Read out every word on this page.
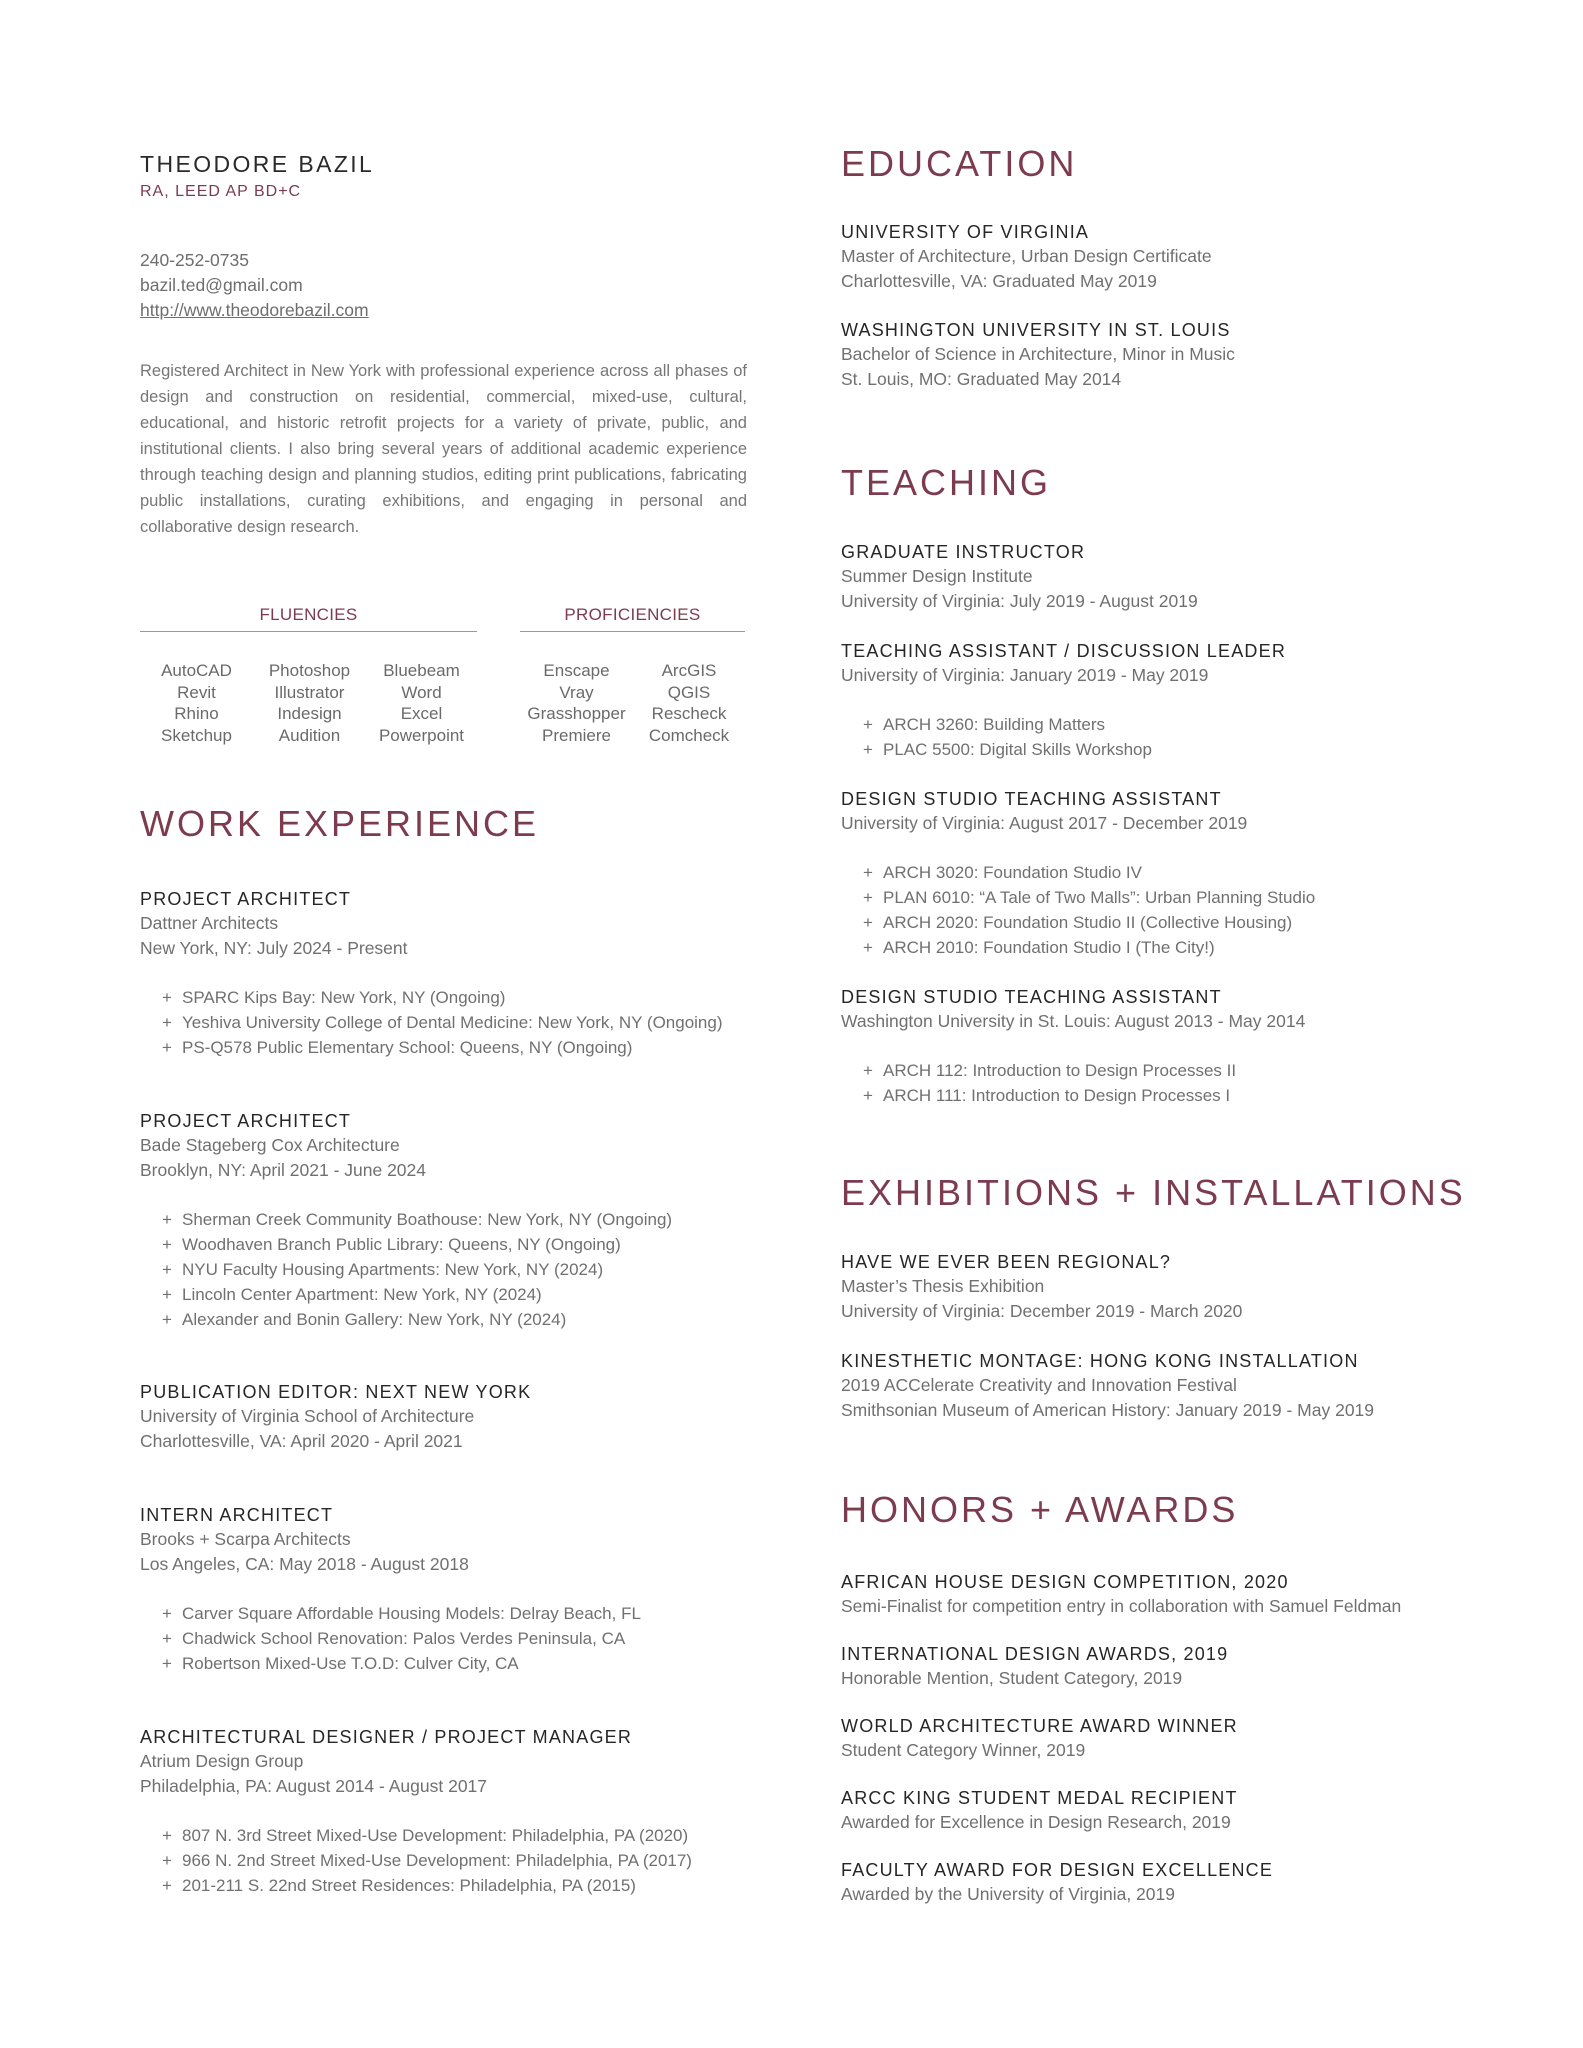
THEODORE BAZIL
RA, LEED AP BD+C
240-252-0735
bazil.ted@gmail.com
http://www.theodorebazil.com

Registered Architect in New York with professional experience across all phases of design and construction on residential, commercial, mixed-use, cultural, educational, and historic retrofit projects for a variety of private, public, and institutional clients. I also bring several years of additional academic experience through teaching design and planning studios, editing print publications, fabricating public installations, curating exhibitions, and engaging in personal and collaborative design research.

FLUENCIES
AutoCAD
Revit
Rhino
Sketchup
Photoshop
Illustrator
Indesign
Audition
Bluebeam
Word
Excel
Powerpoint
PROFICIENCIES
Enscape
Vray
Grasshopper
Premiere
ArcGIS
QGIS
Rescheck
Comcheck
WORK EXPERIENCE
PROJECT ARCHITECT
Dattner Architects
New York, NY: July 2024 - Present
+ SPARC Kips Bay: New York, NY (Ongoing)
+ Yeshiva University College of Dental Medicine: New York, NY (Ongoing)
+ PS-Q578 Public Elementary School: Queens, NY (Ongoing)
PROJECT ARCHITECT
Bade Stageberg Cox Architecture
Brooklyn, NY: April 2021 - June 2024
+ Sherman Creek Community Boathouse: New York, NY (Ongoing)
+ Woodhaven Branch Public Library: Queens, NY (Ongoing)
+ NYU Faculty Housing Apartments: New York, NY (2024)
+ Lincoln Center Apartment: New York, NY (2024)
+ Alexander and Bonin Gallery: New York, NY (2024)
PUBLICATION EDITOR: NEXT NEW YORK
University of Virginia School of Architecture
Charlottesville, VA: April 2020 - April 2021
INTERN ARCHITECT
Brooks + Scarpa Architects
Los Angeles, CA: May 2018 - August 2018
+ Carver Square Affordable Housing Models: Delray Beach, FL
+ Chadwick School Renovation: Palos Verdes Peninsula, CA
+ Robertson Mixed-Use T.O.D: Culver City, CA
ARCHITECTURAL DESIGNER / PROJECT MANAGER
Atrium Design Group
Philadelphia, PA: August 2014 - August 2017
+ 807 N. 3rd Street Mixed-Use Development: Philadelphia, PA (2020)
+ 966 N. 2nd Street Mixed-Use Development: Philadelphia, PA (2017)
+ 201-211 S. 22nd Street Residences: Philadelphia, PA (2015)
EDUCATION
UNIVERSITY OF VIRGINIA
Master of Architecture, Urban Design Certificate
Charlottesville, VA: Graduated May 2019
WASHINGTON UNIVERSITY IN ST. LOUIS
Bachelor of Science in Architecture, Minor in Music
St. Louis, MO: Graduated May 2014
TEACHING
GRADUATE INSTRUCTOR
Summer Design Institute
University of Virginia: July 2019 - August 2019
TEACHING ASSISTANT / DISCUSSION LEADER
University of Virginia: January 2019 - May 2019
+ ARCH 3260: Building Matters
+ PLAC 5500: Digital Skills Workshop
DESIGN STUDIO TEACHING ASSISTANT
University of Virginia: August 2017 - December 2019
+ ARCH 3020: Foundation Studio IV
+ PLAN 6010: “A Tale of Two Malls”: Urban Planning Studio
+ ARCH 2020: Foundation Studio II (Collective Housing)
+ ARCH 2010: Foundation Studio I (The City!)
DESIGN STUDIO TEACHING ASSISTANT
Washington University in St. Louis: August 2013 - May 2014
+ ARCH 112: Introduction to Design Processes II
+ ARCH 111: Introduction to Design Processes I
EXHIBITIONS + INSTALLATIONS
HAVE WE EVER BEEN REGIONAL?
Master’s Thesis Exhibition
University of Virginia: December 2019 - March 2020
KINESTHETIC MONTAGE: HONG KONG INSTALLATION
2019 ACCelerate Creativity and Innovation Festival
Smithsonian Museum of American History: January 2019 - May 2019
HONORS + AWARDS
AFRICAN HOUSE DESIGN COMPETITION, 2020
Semi-Finalist for competition entry in collaboration with Samuel Feldman
INTERNATIONAL DESIGN AWARDS, 2019
Honorable Mention, Student Category, 2019
WORLD ARCHITECTURE AWARD WINNER
Student Category Winner, 2019
ARCC KING STUDENT MEDAL RECIPIENT
Awarded for Excellence in Design Research, 2019
FACULTY AWARD FOR DESIGN EXCELLENCE
Awarded by the University of Virginia, 2019
